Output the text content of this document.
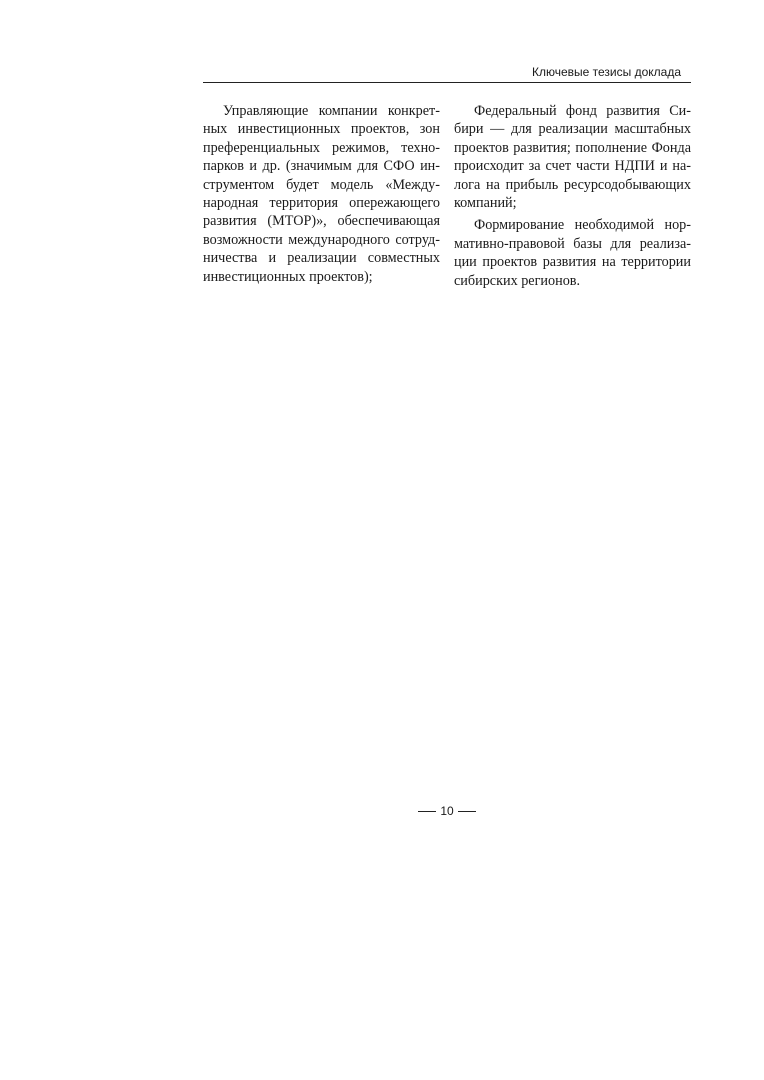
Ключевые тезисы доклада

Управляющие компании конкретных инвестиционных проектов, зон преференциальных режимов, технопарков и др. (значимым для СФО инструментом будет модель «Международная территория опережающего развития (МТОР)», обеспечивающая возможности международного сотрудничества и реализации совместных инвестиционных проектов);

Федеральный фонд развития Сибири — для реализации масштабных проектов развития; пополнение Фонда происходит за счет части НДПИ и налога на прибыль ресурсодобывающих компаний;

Формирование необходимой нормативно-правовой базы для реализации проектов развития на территории сибирских регионов.

10
